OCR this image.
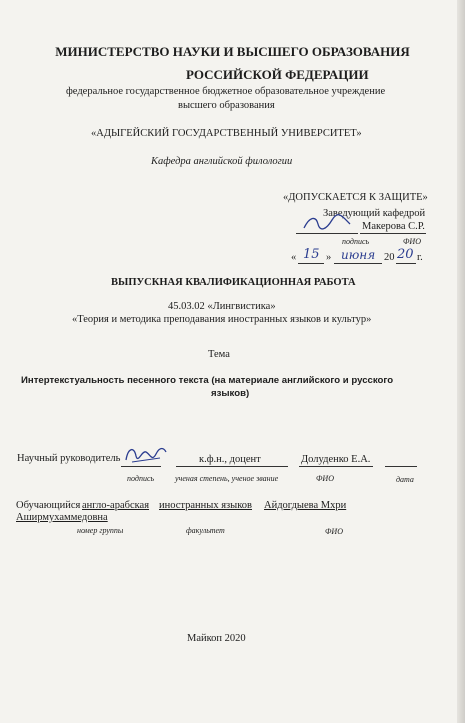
МИНИСТЕРСТВО НАУКИ И ВЫСШЕГО ОБРАЗОВАНИЯ
РОССИЙСКОЙ ФЕДЕРАЦИИ
федеральное государственное бюджетное образовательное учреждение
высшего образования
«АДЫГЕЙСКИЙ ГОСУДАРСТВЕННЫЙ УНИВЕРСИТЕТ»
Кафедра английской филологии
«ДОПУСКАЕТСЯ К ЗАЩИТЕ»
Заведующий кафедрой
Макерова С.Р.
подпись	ФИО
« 15 » июня 20 20 г.
ВЫПУСКНАЯ КВАЛИФИКАЦИОННАЯ РАБОТА
45.03.02 «Лингвистика»
«Теория и методика преподавания иностранных языков и культур»
Тема
Интертекстуальность песенного текста (на материале английского и русского
языков)
Научный руководитель	к.ф.н., доцент	Долуденко Е.А.
подпись	ученая степень, ученое звание	ФИО	дата
Обучающийся англо-арабская иностранных языков Айдогдыева Мхри
Аширмухаммедовна
номер группы	факультет	ФИО
Майкоп 2020
